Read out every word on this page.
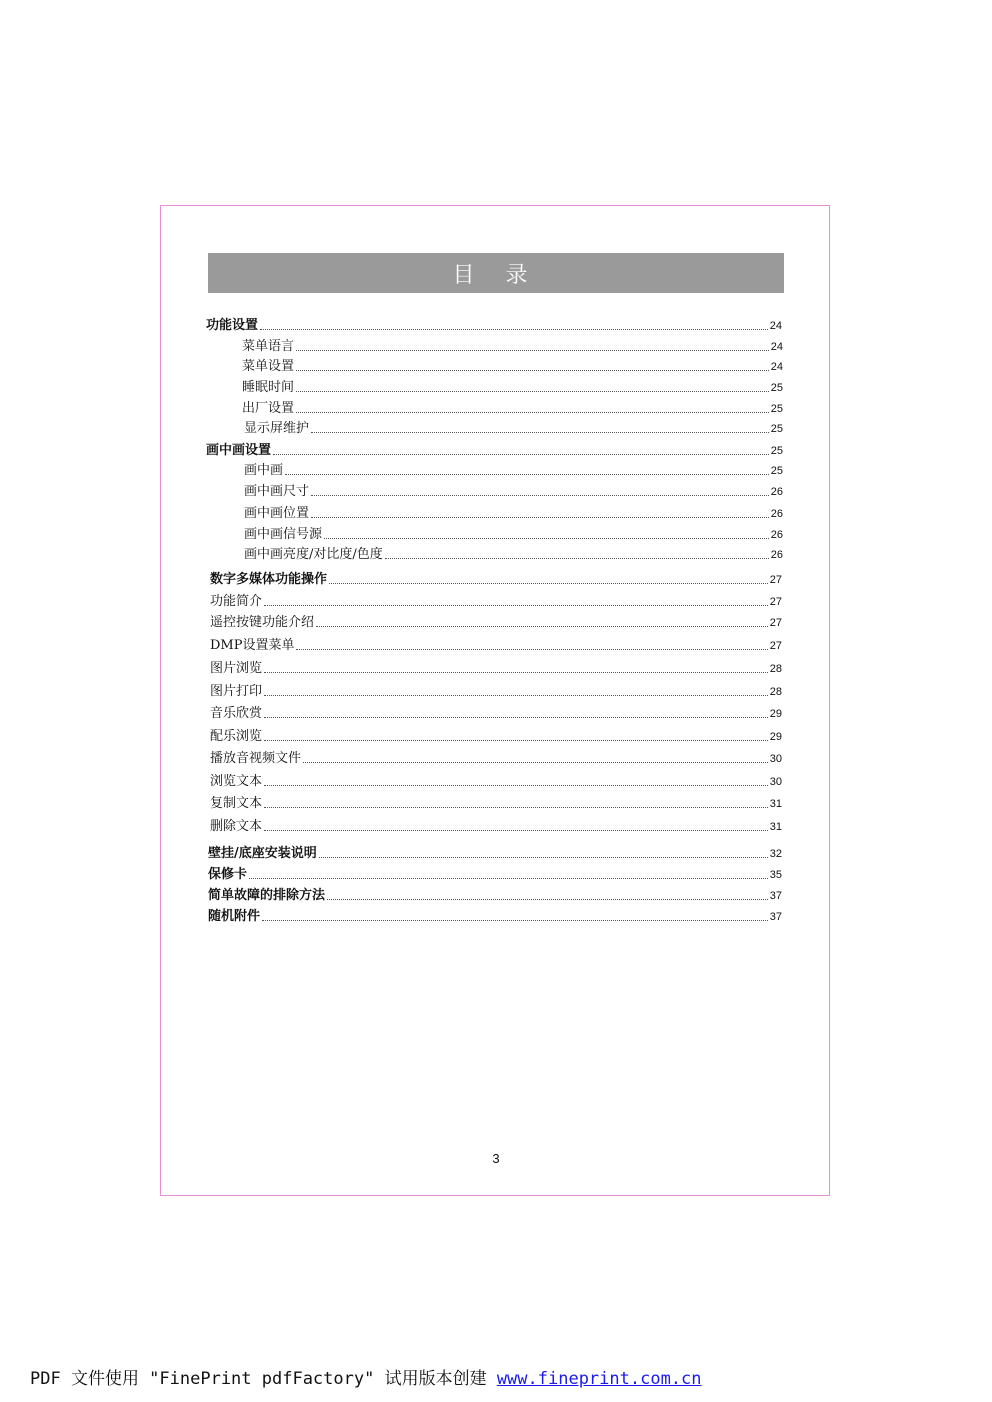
目 录
功能设置	24
菜单语言	24
菜单设置	24
睡眠时间	25
出厂设置	25
显示屏维护	25
画中画设置	25
画中画	25
画中画尺寸	26
画中画位置	26
画中画信号源	26
画中画亮度/对比度/色度	26
数字多媒体功能操作	27
功能简介	27
遥控按键功能介绍	27
DMP设置菜单	27
图片浏览	28
图片打印	28
音乐欣赏	29
配乐浏览	29
播放音视频文件	30
浏览文本	30
复制文本	31
删除文本	31
壁挂/底座安装说明	32
保修卡	35
简单故障的排除方法	37
随机附件	37
3
PDF 文件使用 "FinePrint pdfFactory" 试用版本创建 www.fineprint.com.cn
